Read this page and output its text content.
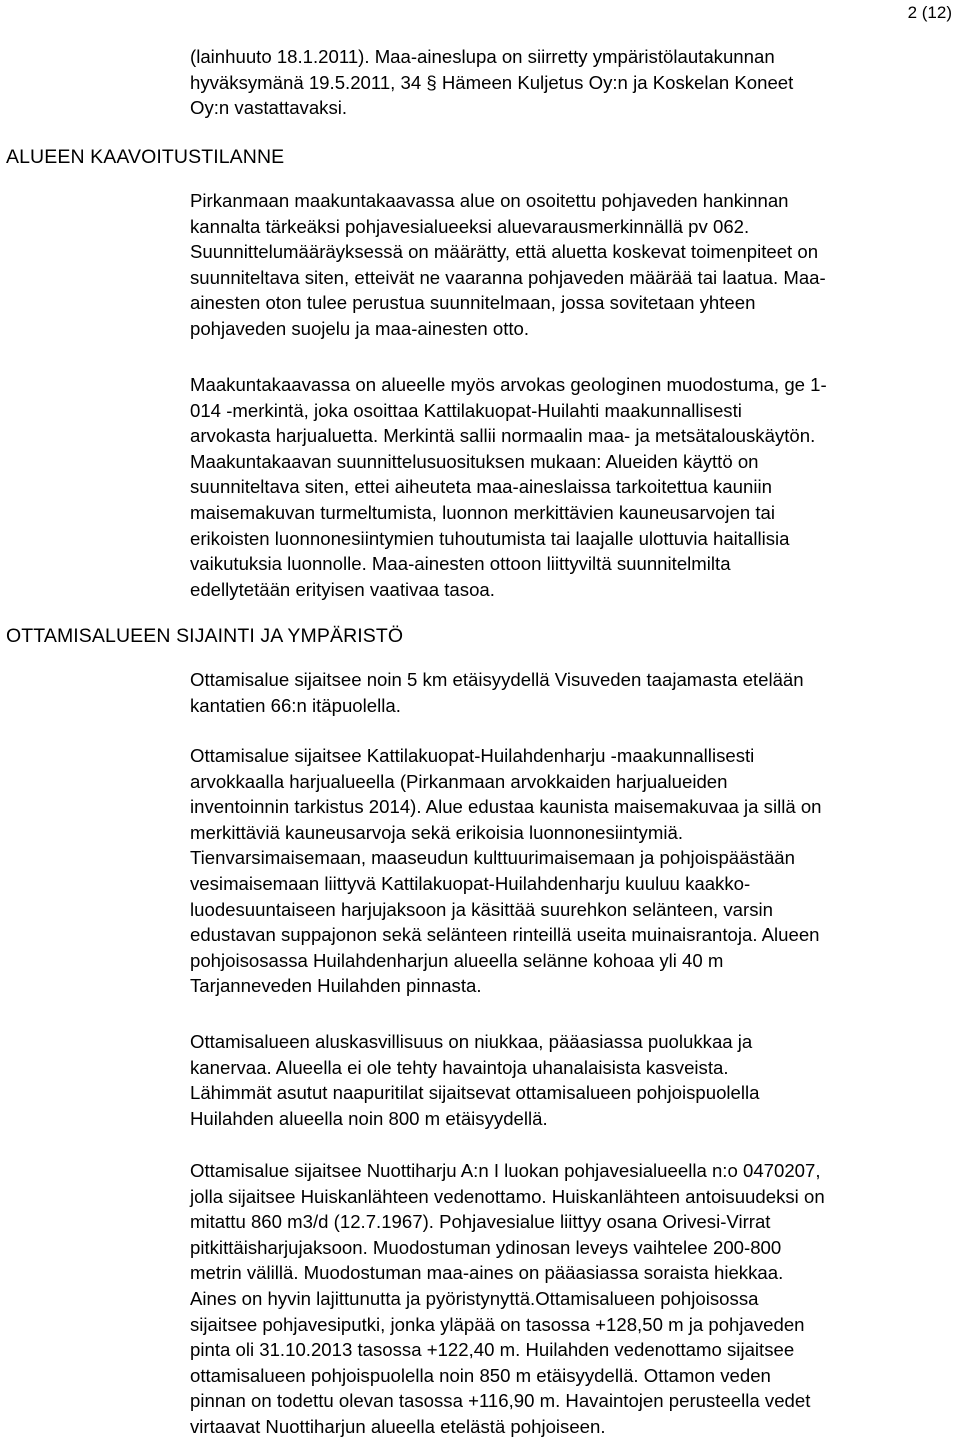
2 (12)

(lainhuuto 18.1.2011). Maa-aineslupa on siirretty ympäristölautakunnan
hyväksymänä 19.5.2011, 34 § Hämeen Kuljetus Oy:n ja Koskelan Koneet
Oy:n vastattavaksi.

ALUEEN KAAVOITUSTILANNE

Pirkanmaan maakuntakaavassa alue on osoitettu pohjaveden hankinnan
kannalta tärkeäksi pohjavesialueeksi aluevarausmerkinnällä pv 062.
Suunnittelumääräyksessä on määrätty, että aluetta koskevat toimenpiteet on
suunniteltava siten, etteivät ne vaaranna pohjaveden määrää tai laatua. Maa-
ainesten oton tulee perustua suunnitelmaan, jossa sovitetaan yhteen
pohjaveden suojelu ja maa-ainesten otto.

Maakuntakaavassa on alueelle myös arvokas geologinen muodostuma, ge 1-
014 -merkintä, joka osoittaa Kattilakuopat-Huilahti maakunnallisesti
arvokasta harjualuetta. Merkintä sallii normaalin maa- ja metsätalouskäytön.
Maakuntakaavan suunnittelusuosituksen mukaan: Alueiden käyttö on
suunniteltava siten, ettei aiheuteta maa-aineslaissa tarkoitettua kauniin
maisemakuvan turmeltumista, luonnon merkittävien kauneusarvojen tai
erikoisten luonnonesiintymien tuhoutumista tai laajalle ulottuvia haitallisia
vaikutuksia luonnolle. Maa-ainesten ottoon liittyviltä suunnitelmilta
edellytetään erityisen vaativaa tasoa.

OTTAMISALUEEN SIJAINTI JA YMPÄRISTÖ

Ottamisalue sijaitsee noin 5 km etäisyydellä Visuveden taajamasta etelään
kantatien 66:n itäpuolella.

Ottamisalue sijaitsee Kattilakuopat-Huilahdenharju -maakunnallisesti
arvokkaalla harjualueella (Pirkanmaan arvokkaiden harjualueiden
inventoinnin tarkistus 2014). Alue edustaa kaunista maisemakuvaa ja sillä on
merkittäviä kauneusarvoja sekä erikoisia luonnonesiintymiä.
Tienvarsimaisemaan, maaseudun kulttuurimaisemaan ja pohjoispäästään
vesimaisemaan liittyvä Kattilakuopat-Huilahdenharju kuuluu kaakko-
luodesuuntaiseen harjujaksoon ja käsittää suurehkon selänteen, varsin
edustavan suppajonon sekä selänteen rinteillä useita muinaisrantoja. Alueen
pohjoisosassa Huilahdenharjun alueella selänne kohoaa yli 40 m
Tarjanneveden Huilahden pinnasta.

Ottamisalueen aluskasvillisuus on niukkaa, pääasiassa puolukkaa ja
kanervaa. Alueella ei ole tehty havaintoja uhanalaisista kasveista.
Lähimmät asutut naapuritilat sijaitsevat ottamisalueen pohjoispuolella
Huilahden alueella noin 800 m etäisyydellä.

Ottamisalue sijaitsee Nuottiharju A:n I luokan pohjavesialueella n:o 0470207,
jolla sijaitsee Huiskanlähteen vedenottamo. Huiskanlähteen antoisuudeksi on
mitattu 860 m3/d (12.7.1967). Pohjavesialue liittyy osana Orivesi-Virrat
pitkittäisharjujaksoon. Muodostuman ydinosan leveys vaihtelee 200-800
metrin välillä. Muodostuman maa-aines on pääasiassa soraista hiekkaa.
Aines on hyvin lajittunutta ja pyöristynyttä.Ottamisalueen pohjoisossa
sijaitsee pohjavesiputki, jonka yläpää on tasossa +128,50 m ja pohjaveden
pinta oli 31.10.2013 tasossa +122,40 m. Huilahden vedenottamo sijaitsee
ottamisalueen pohjoispuolella noin 850 m etäisyydellä. Ottamon veden
pinnan on todettu olevan tasossa +116,90 m. Havaintojen perusteella vedet
virtaavat Nuottiharjun alueella etelästä pohjoiseen.
